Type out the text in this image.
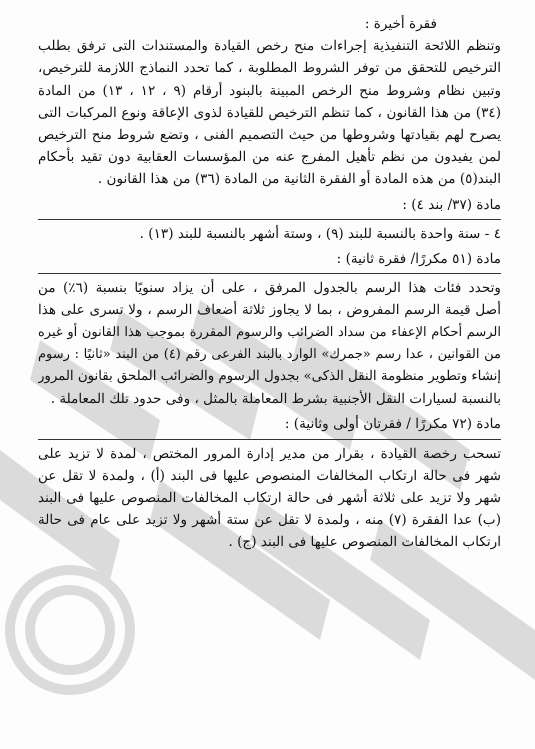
فقرة أخيرة :
وتنظم اللائحة التنفيذية إجراءات منح رخص القيادة والمستندات التى ترفق بطلب
الترخيص للتحقق من توفر الشروط المطلوبة ، كما تحدد النماذج اللازمة للترخيص،
وتبين نظام وشروط منح الرخص المبينة بالبنود أرقام (٩ ، ١٢ ، ١٣) من المادة
(٣٤) من هذا القانون ، كما تنظم الترخيص للقيادة لذوى الإعاقة ونوع المركبات التى
يصرح لهم بقيادتها وشروطها من حيث التصميم الفنى ، وتضع شروط منح الترخيص
لمن يفيدون من نظم تأهيل المفرج عنه من المؤسسات العقابية دون تقيد بأحكام
البند(٥) من هذه المادة أو الفقرة الثانية من المادة (٣٦) من هذا القانون .
مادة (٣٧/ بند ٤) :
٤ - سنة واحدة بالنسبة للبند (٩) ، وستة أشهر بالنسبة للبند (١٣) .
مادة (٥١ مكررًا/ فقرة ثانية) :
وتحدد فئات هذا الرسم بالجدول المرفق ، على أن يزاد سنويًا بنسبة (٦٪) من
أصل قيمة الرسم المفروض ، بما لا يجاوز ثلاثة أضعاف الرسم ، ولا تسرى على هذا
الرسم أحكام الإعفاء من سداد الضرائب والرسوم المقررة بموجب هذا القانون أو غيره
من القوانين ، عدا رسم «جمرك» الوارد بالبند الفرعى رقم (٤) من البند «ثانيًا : رسوم
إنشاء وتطوير منظومة النقل الذكى» بجدول الرسوم والضرائب الملحق بقانون المرور
بالنسبة لسيارات النقل الأجنبية بشرط المعاملة بالمثل ، وفى حدود تلك المعاملة .
مادة (٧٢ مكررًا / فقرتان أولى وثانية) :
تسحب رخصة القيادة ، بقرار من مدير إدارة المرور المختص ، لمدة لا تزيد على
شهر فى حالة ارتكاب المخالفات المنصوص عليها فى البند (أ) ، ولمدة لا تقل عن
شهر ولا تزيد على ثلاثة أشهر فى حالة ارتكاب المخالفات المنصوص عليها فى البند
(ب) عدا الفقرة (٧) منه ، ولمدة لا تقل عن ستة أشهر ولا تزيد على عام فى حالة
ارتكاب المخالفات المنصوص عليها فى البند (ج) .
